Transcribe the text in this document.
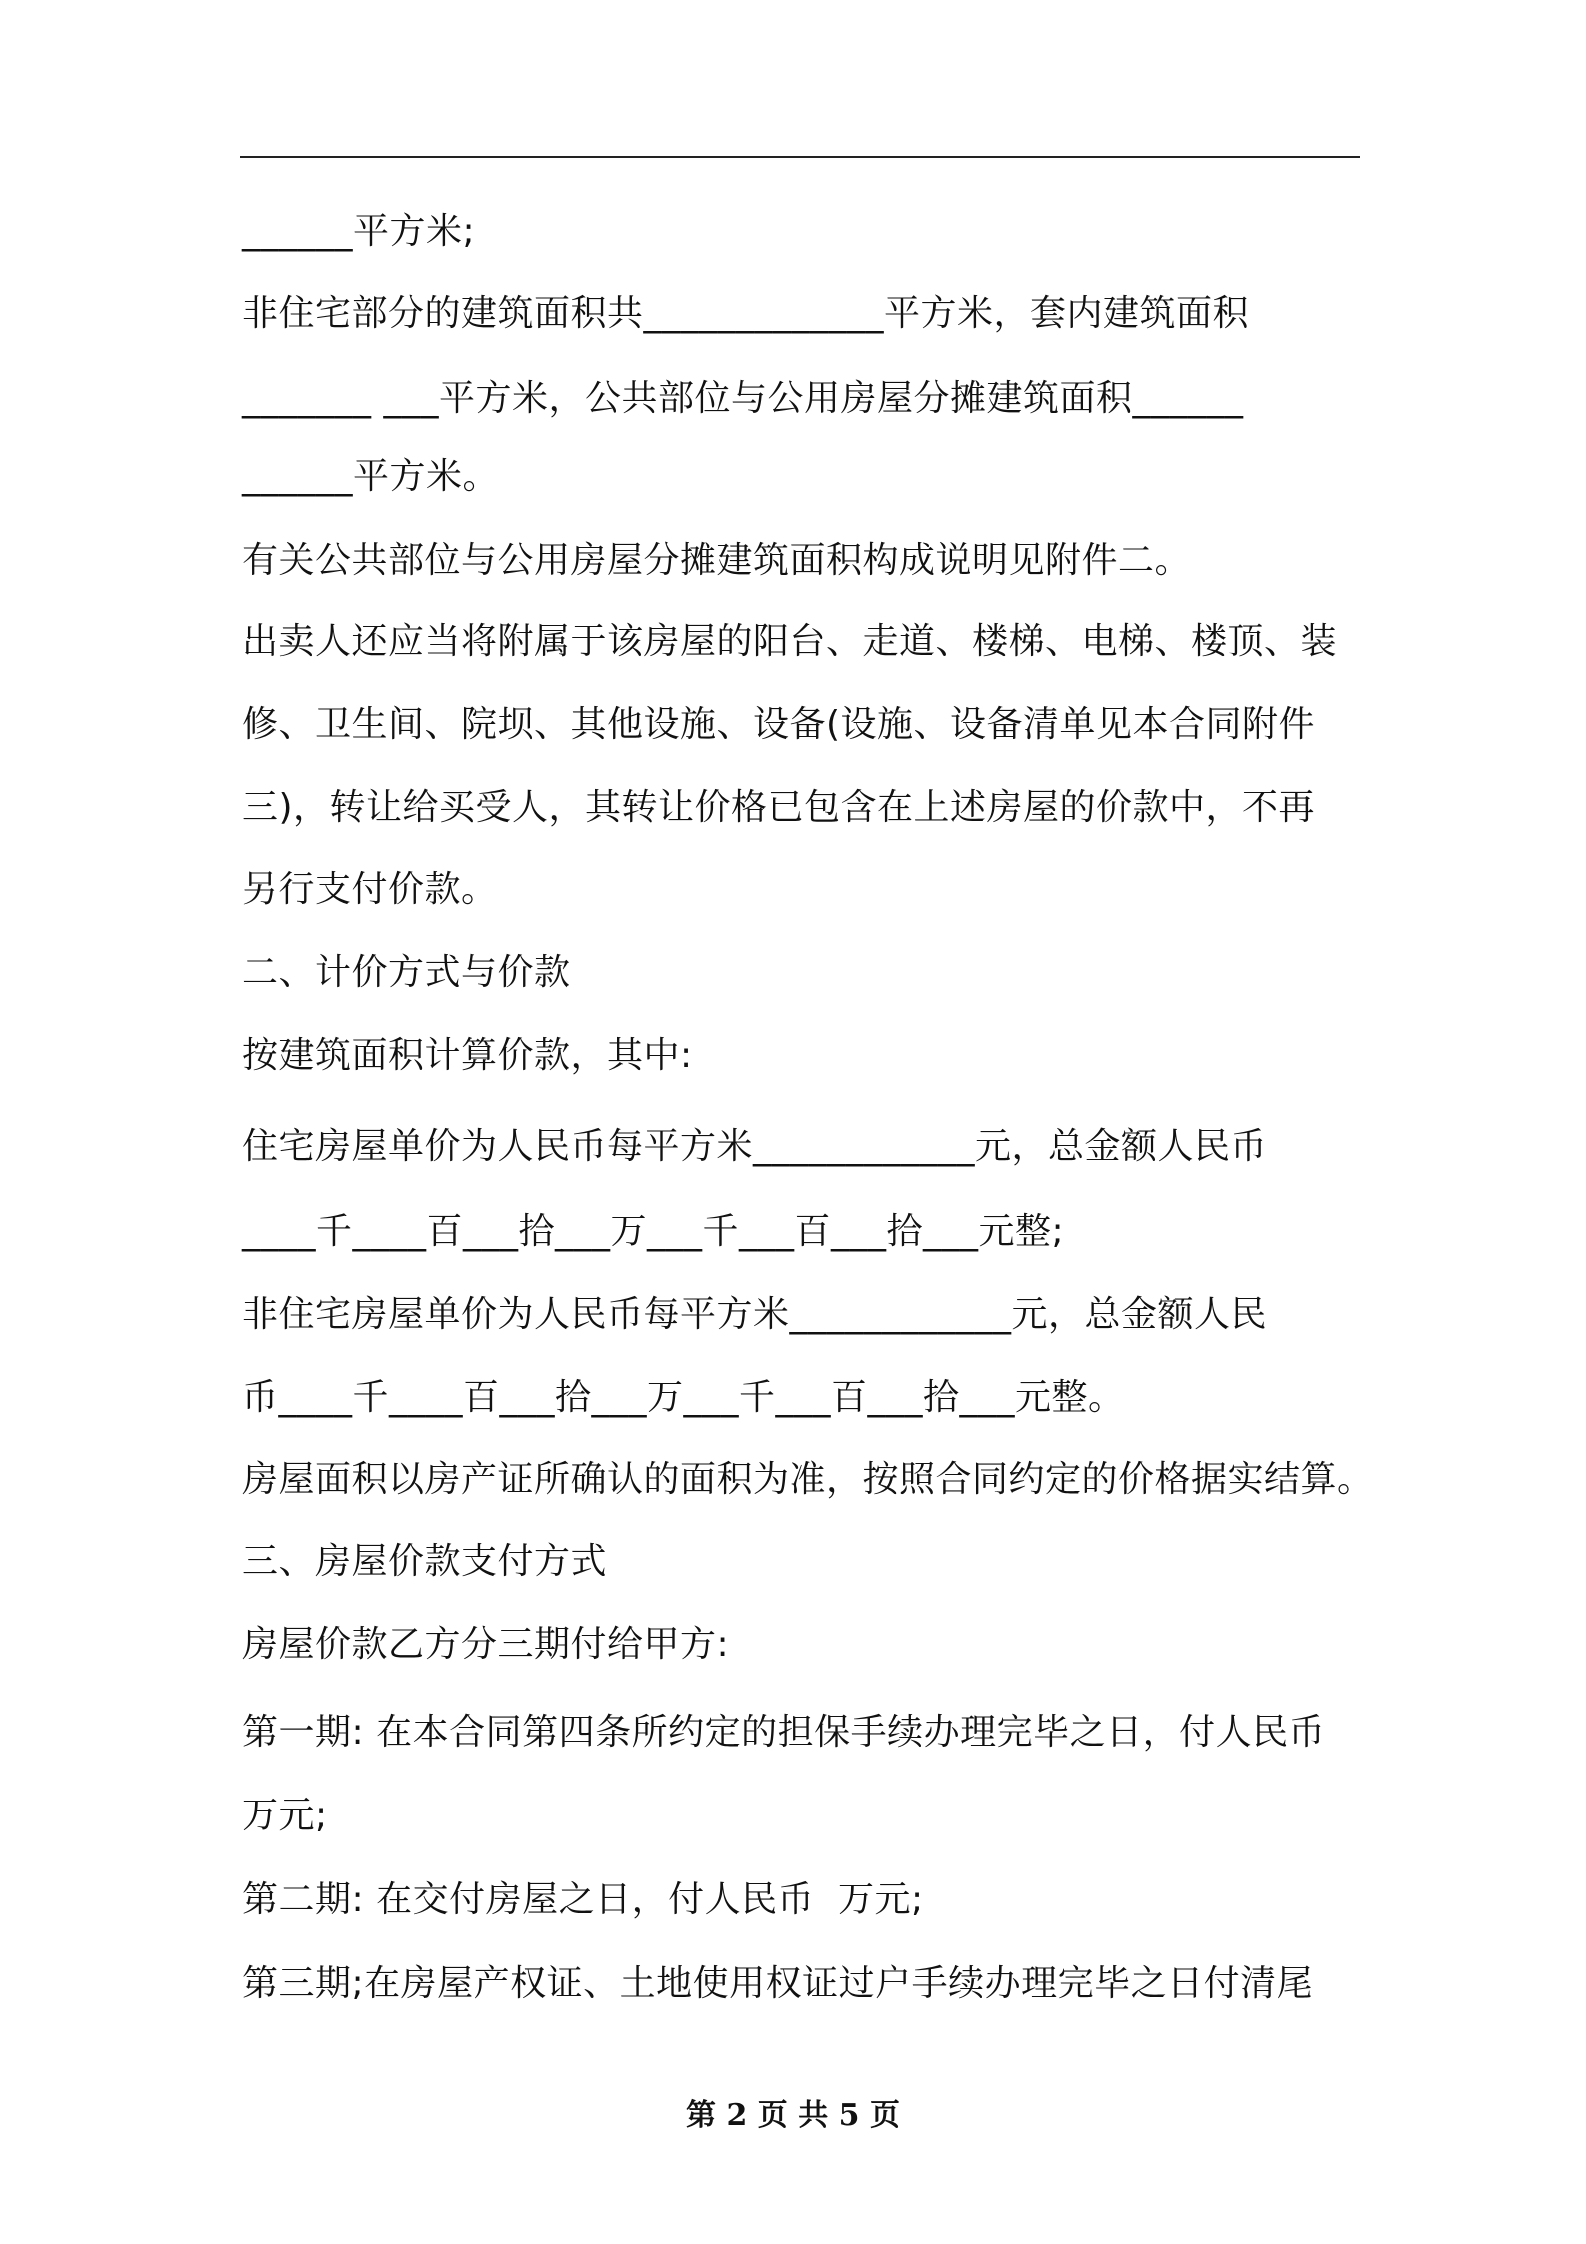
______平方米;
非住宅部分的建筑面积共_____________平方米，套内建筑面积
_______ ___平方米，公共部位与公用房屋分摊建筑面积______
______平方米。
有关公共部位与公用房屋分摊建筑面积构成说明见附件二。
出卖人还应当将附属于该房屋的阳台、走道、楼梯、电梯、楼顶、装
修、卫生间、院坝、其他设施、设备(设施、设备清单见本合同附件
三)，转让给买受人，其转让价格已包含在上述房屋的价款中，不再
另行支付价款。
二、计价方式与价款
按建筑面积计算价款，其中:
住宅房屋单价为人民币每平方米____________元，总金额人民币
____千____百___拾___万___千___百___拾___元整;
非住宅房屋单价为人民币每平方米____________元，总金额人民
币____千____百___拾___万___千___百___拾___元整。
房屋面积以房产证所确认的面积为准，按照合同约定的价格据实结算。
三、房屋价款支付方式
房屋价款乙方分三期付给甲方:
第一期: 在本合同第四条所约定的担保手续办理完毕之日，付人民币
万元;
第二期: 在交付房屋之日，付人民币  万元;
第三期;在房屋产权证、土地使用权证过户手续办理完毕之日付清尾
第 2 页 共 5 页
